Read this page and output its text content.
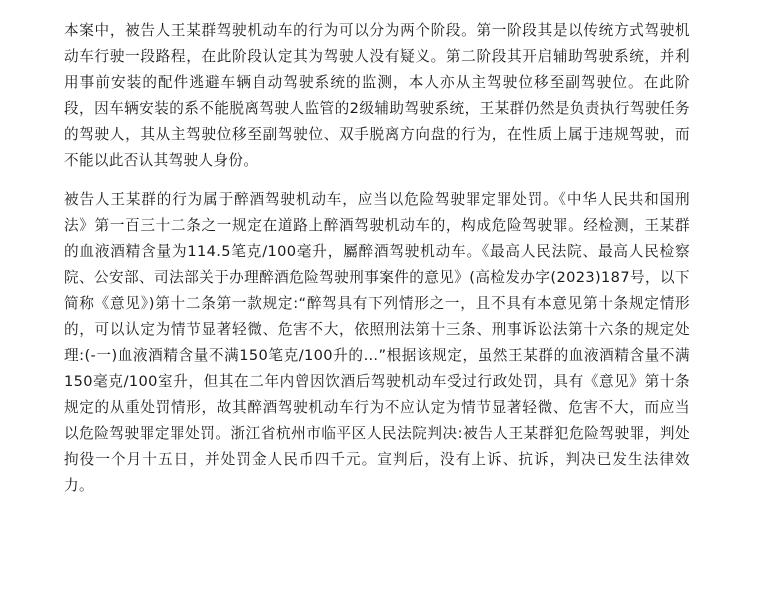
本案中，被告人王某群驾驶机动车的行为可以分为两个阶段。第一阶段其是以传统方式驾驶机动车行驶一段路程，在此阶段认定其为驾驶人没有疑义。第二阶段其开启辅助驾驶系统，并利用事前安装的配件逃避车辆自动驾驶系统的监测，本人亦从主驾驶位移至副驾驶位。在此阶段，因车辆安装的系不能脱离驾驶人监管的2级辅助驾驶系统，王某群仍然是负责执行驾驶任务的驾驶人，其从主驾驶位移至副驾驶位、双手脱离方向盘的行为，在性质上属于违规驾驶，而不能以此否认其驾驶人身份。

被告人王某群的行为属于醉酒驾驶机动车，应当以危险驾驶罪定罪处罚。《中华人民共和国刑法》第一百三十二条之一规定在道路上醉酒驾驶机动车的，构成危险驾驶罪。经检测，王某群的血液酒精含量为114.5笔克/100毫升，屬醉酒驾驶机动车。《最高人民法院、最高人民检察院、公安部、司法部关于办理醉酒危险驾驶刑事案件的意见》(高检发办字(2023)187号，以下简称《意见》)第十二条第一款规定:“醉驾具有下列情形之一，且不具有本意见第十条规定情形的，可以认定为情节显著轻微、危害不大，依照刑法第十三条、刑事诉讼法第十六条的规定处理:(-一)血液酒精含量不满150笔克/100升的…”根据该规定，虽然王某群的血液酒精含量不满150毫克/100室升，但其在二年内曾因饮酒后驾驶机动车受过行政处罚，具有《意见》第十条规定的从重处罚情形，故其醉酒驾驶机动车行为不应认定为情节显著轻微、危害不大，而应当以危险驾驶罪定罪处罚。浙江省杭州市临平区人民法院判决:被告人王某群犯危险驾驶罪，判处拘役一个月十五日，并处罚金人民币四千元。宣判后，没有上诉、抗诉，判决已发生法律效力。
